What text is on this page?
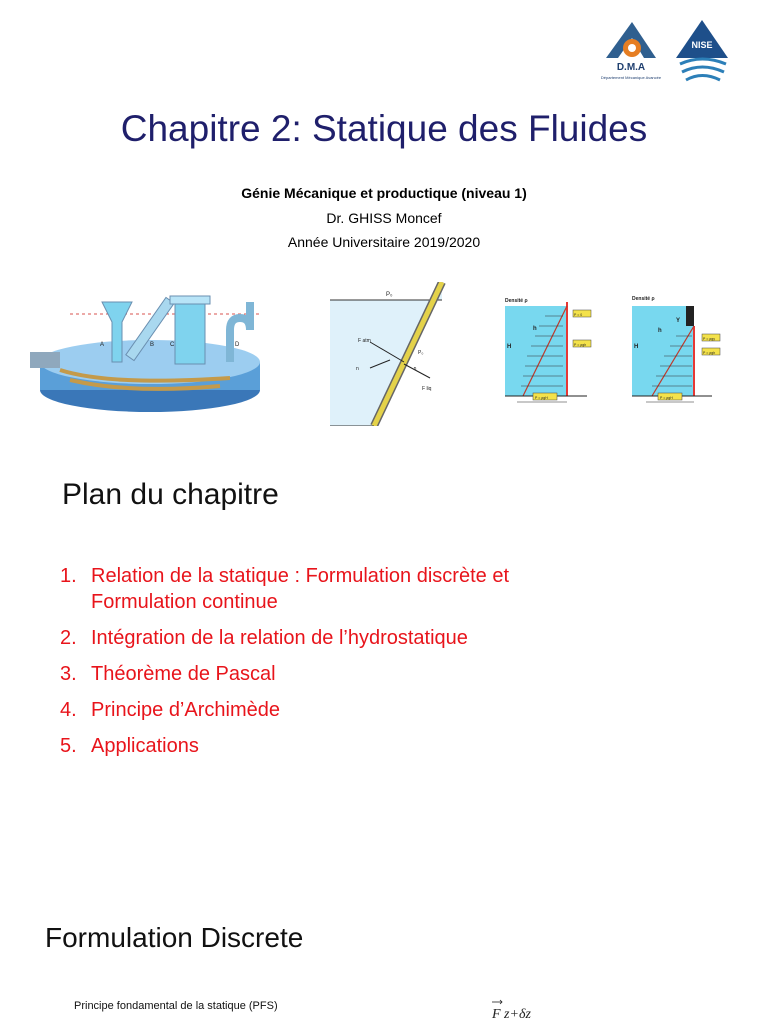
D.M.A
Département Mécanique Avancée
NISE
Chapitre 2: Statique des Fluides
Génie Mécanique et productique (niveau 1)
Dr. GHISS Moncef
Année Universitaire 2019/2020
A	B	C	D
P₀
F atm
P₀
n	-n
F liq
Densité ρ
h
H
P = 0
P = ρgh
P = ρgH
Densité ρ
Y
h
H
P = ρgy
P = ρgh
P = ρgH
Plan du chapitre
1. Relation de la statique : Formulation discrète et Formulation continue
2. Intégration de la relation de l’hydrostatique
3. Théorème de Pascal
4. Principe d’Archimède
5. Applications
Formulation Discrete
Principe fondamental de la statique (PFS)
F z+δz
